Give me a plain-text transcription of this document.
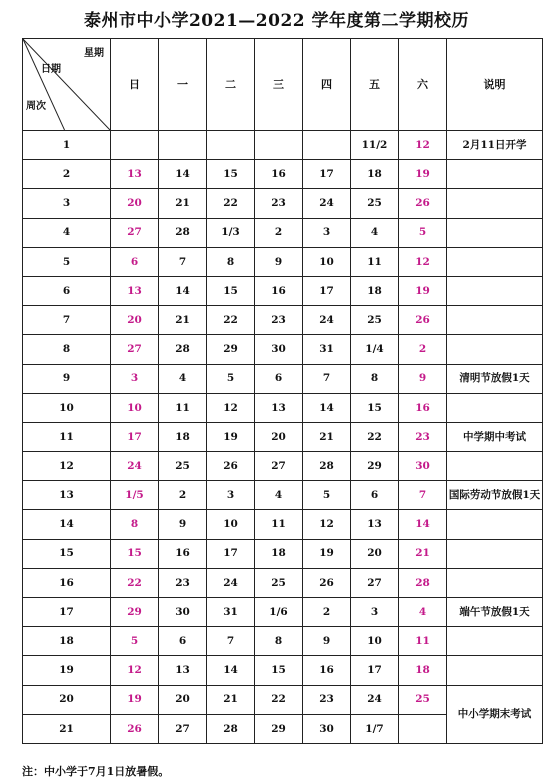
泰州市中小学2021—2022 学年度第二学期校历
星期
日期
周次	日	一	二	三	四	五	六	说明
1						11/2	12	2月11日开学
2	13	14	15	16	17	18	19	
3	20	21	22	23	24	25	26	
4	27	28	1/3	2	3	4	5	
5	6	7	8	9	10	11	12	
6	13	14	15	16	17	18	19	
7	20	21	22	23	24	25	26	
8	27	28	29	30	31	1/4	2	
9	3	4	5	6	7	8	9	清明节放假1天
10	10	11	12	13	14	15	16	
11	17	18	19	20	21	22	23	中学期中考试
12	24	25	26	27	28	29	30	
13	1/5	2	3	4	5	6	7	国际劳动节放假1天
14	8	9	10	11	12	13	14	
15	15	16	17	18	19	20	21	
16	22	23	24	25	26	27	28	
17	29	30	31	1/6	2	3	4	端午节放假1天
18	5	6	7	8	9	10	11	
19	12	13	14	15	16	17	18	
20	19	20	21	22	23	24	25	中小学期末考试
21	26	27	28	29	30	1/7		
注：中小学于7月1日放暑假。
